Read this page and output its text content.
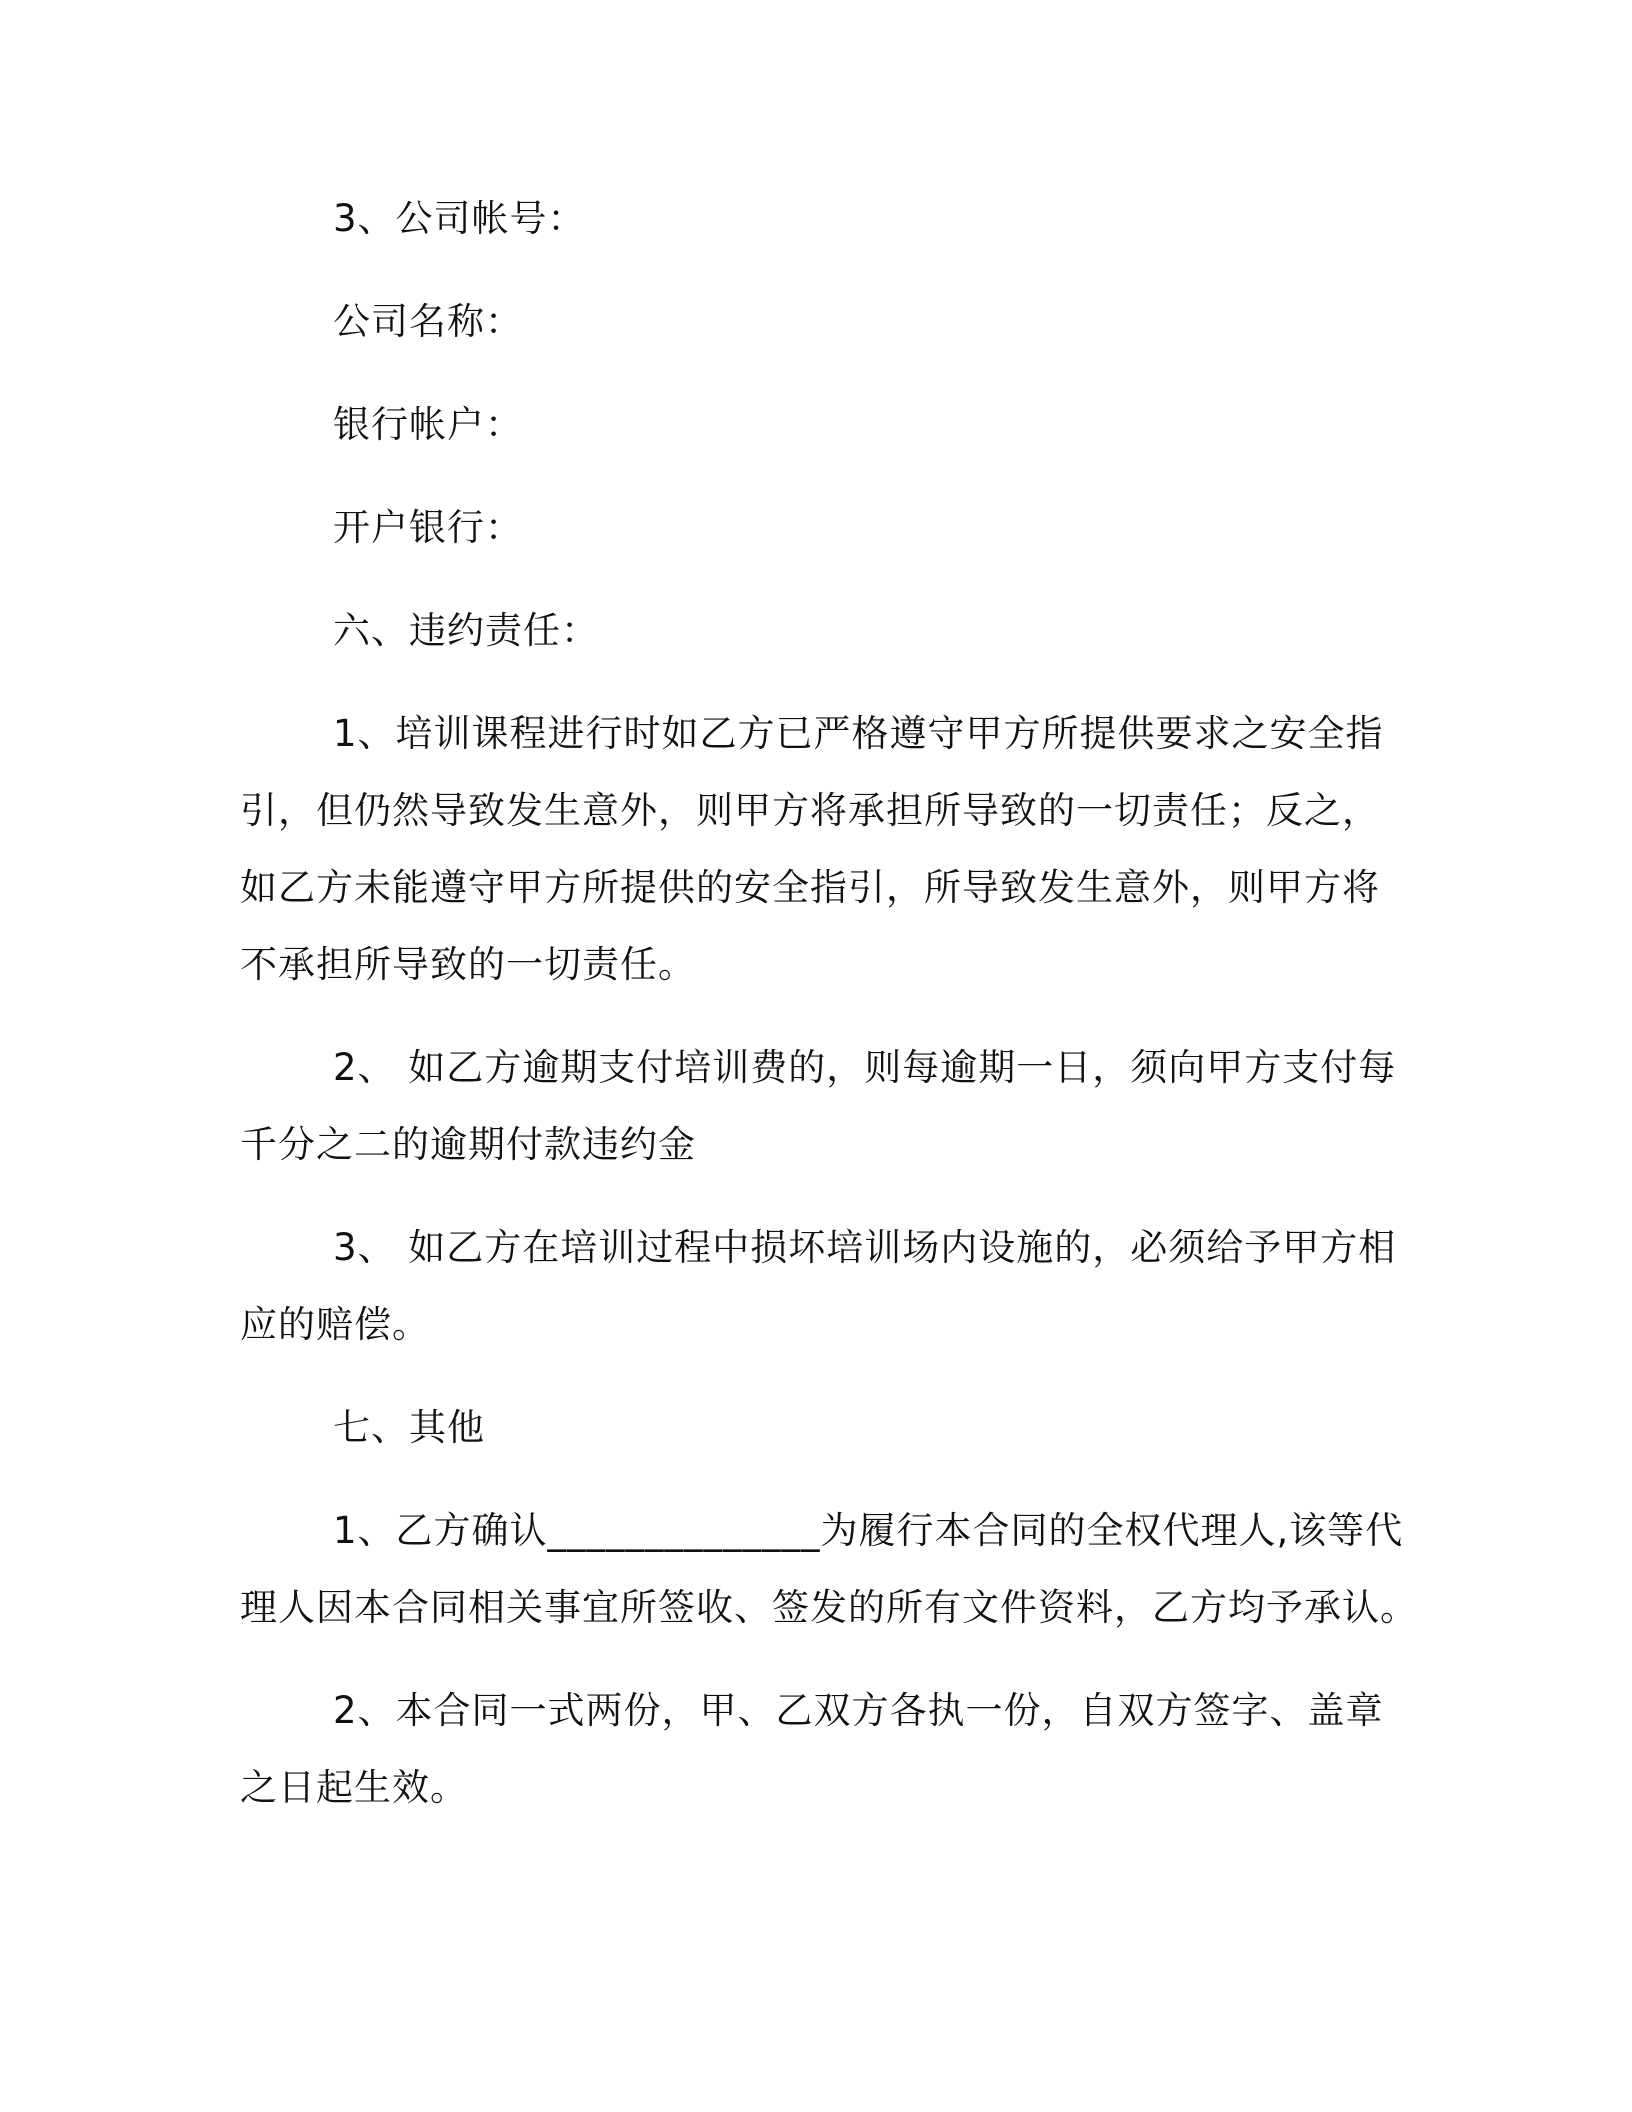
3、公司帐号：

公司名称：

银行帐户：

开户银行：

六、违约责任：

1、培训课程进行时如乙方已严格遵守甲方所提供要求之安全指

引，但仍然导致发生意外，则甲方将承担所导致的一切责任；反之，

如乙方未能遵守甲方所提供的安全指引，所导致发生意外，则甲方将

不承担所导致的一切责任。

2、 如乙方逾期支付培训费的，则每逾期一日，须向甲方支付每

千分之二的逾期付款违约金

3、 如乙方在培训过程中损坏培训场内设施的，必须给予甲方相

应的赔偿。

七、其他

1、乙方确认______________为履行本合同的全权代理人,该等代

理人因本合同相关事宜所签收、签发的所有文件资料，乙方均予承认。

2、本合同一式两份，甲、乙双方各执一份，自双方签字、盖章

之日起生效。
